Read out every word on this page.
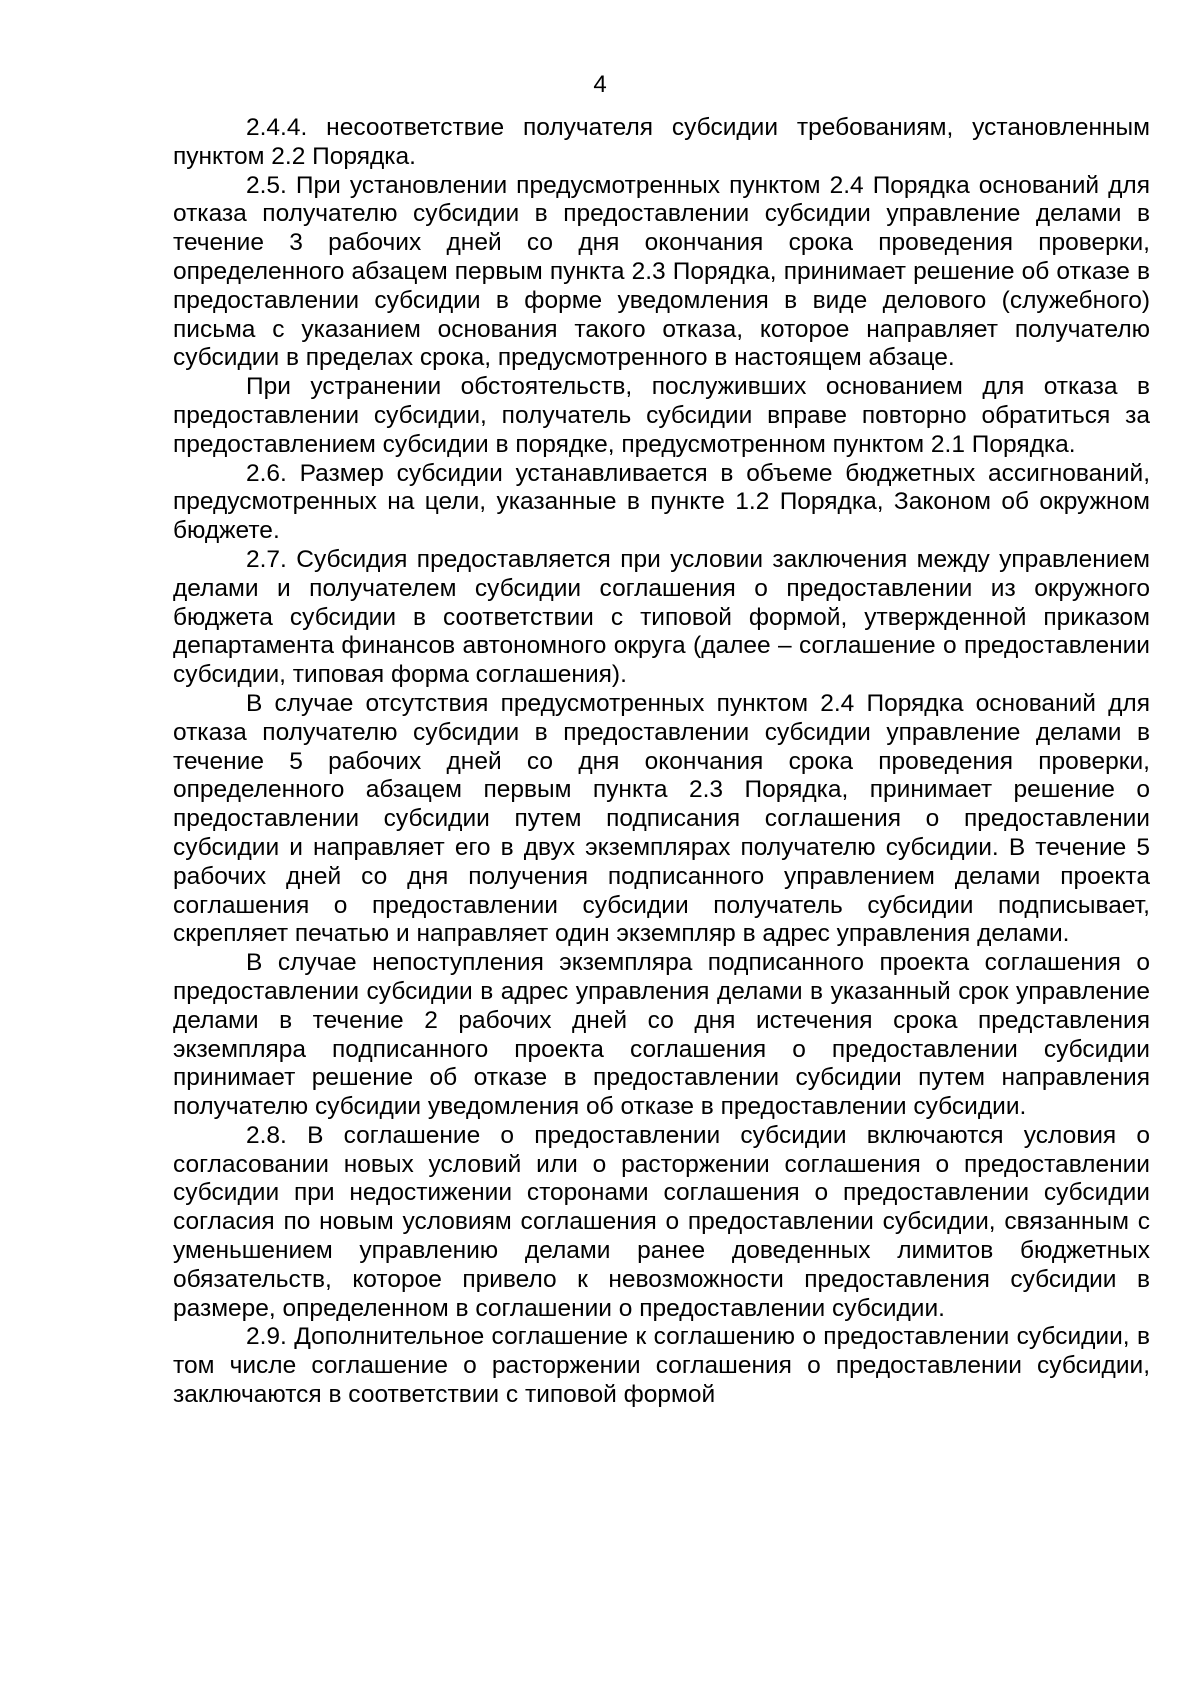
4

2.4.4. несоответствие получателя субсидии требованиям, установленным пунктом 2.2 Порядка.

2.5. При установлении предусмотренных пунктом 2.4 Порядка оснований для отказа получателю субсидии в предоставлении субсидии управление делами в течение 3 рабочих дней со дня окончания срока проведения проверки, определенного абзацем первым пункта 2.3 Порядка, принимает решение об отказе в предоставлении субсидии в форме уведомления в виде делового (служебного) письма с указанием основания такого отказа, которое направляет получателю субсидии в пределах срока, предусмотренного в настоящем абзаце.

При устранении обстоятельств, послуживших основанием для отказа в предоставлении субсидии, получатель субсидии вправе повторно обратиться за предоставлением субсидии в порядке, предусмотренном пунктом 2.1 Порядка.

2.6. Размер субсидии устанавливается в объеме бюджетных ассигнований, предусмотренных на цели, указанные в пункте 1.2 Порядка, Законом об окружном бюджете.

2.7. Субсидия предоставляется при условии заключения между управлением делами и получателем субсидии соглашения о предоставлении из окружного бюджета субсидии в соответствии с типовой формой, утвержденной приказом департамента финансов автономного округа (далее – соглашение о предоставлении субсидии, типовая форма соглашения).

В случае отсутствия предусмотренных пунктом 2.4 Порядка оснований для отказа получателю субсидии в предоставлении субсидии управление делами в течение 5 рабочих дней со дня окончания срока проведения проверки, определенного абзацем первым пункта 2.3 Порядка, принимает решение о предоставлении субсидии путем подписания соглашения о предоставлении субсидии и направляет его в двух экземплярах получателю субсидии. В течение 5 рабочих дней со дня получения подписанного управлением делами проекта соглашения о предоставлении субсидии получатель субсидии подписывает, скрепляет печатью и направляет один экземпляр в адрес управления делами.

В случае непоступления экземпляра подписанного проекта соглашения о предоставлении субсидии в адрес управления делами в указанный срок управление делами в течение 2 рабочих дней со дня истечения срока представления экземпляра подписанного проекта соглашения о предоставлении субсидии принимает решение об отказе в предоставлении субсидии путем направления получателю субсидии уведомления об отказе в предоставлении субсидии.

2.8. В соглашение о предоставлении субсидии включаются условия о согласовании новых условий или о расторжении соглашения о предоставлении субсидии при недостижении сторонами соглашения о предоставлении субсидии согласия по новым условиям соглашения о предоставлении субсидии, связанным с уменьшением управлению делами ранее доведенных лимитов бюджетных обязательств, которое привело к невозможности предоставления субсидии в размере, определенном в соглашении о предоставлении субсидии.

2.9. Дополнительное соглашение к соглашению о предоставлении субсидии, в том числе соглашение о расторжении соглашения о предоставлении субсидии, заключаются в соответствии с типовой формой
